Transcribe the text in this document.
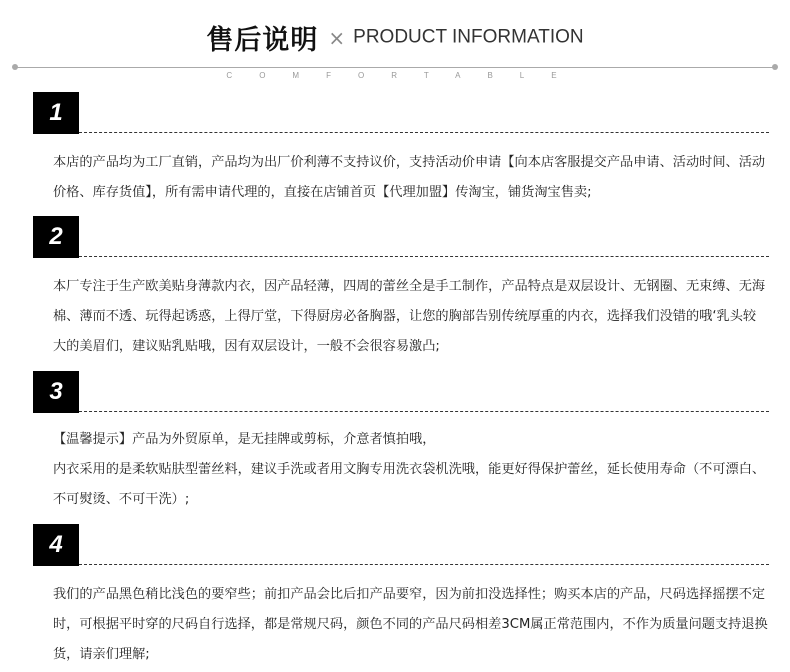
售后说明 × PRODUCT INFORMATION
COMFORTABLE
1

本店的产品均为工厂直销，产品均为出厂价利薄不支持议价，支持活动价申请【向本店客服提交产品申请、活动时间、活动价格、库存货值】，所有需申请代理的，直接在店铺首页【代理加盟】传淘宝，铺货淘宝售卖;

2

本厂专注于生产欧美贴身薄款内衣，因产品轻薄，四周的蕾丝全是手工制作，产品特点是双层设计、无钢圈、无束缚、无海棉、薄而不透、玩得起诱惑，上得厅堂，下得厨房必备胸器，让您的胸部告别传统厚重的内衣，选择我们没错的哦‘乳头较大的美眉们，建议贴乳贴哦，因有双层设计，一般不会很容易激凸;

3

【温馨提示】产品为外贸原单，是无挂牌或剪标，介意者慎拍哦，

内衣采用的是柔软贴肤型蕾丝料，建议手洗或者用文胸专用洗衣袋机洗哦，能更好得保护蕾丝，延长使用寿命（不可漂白、不可熨烫、不可干洗）;

4

我们的产品黑色稍比浅色的要窄些；前扣产品会比后扣产品要窄，因为前扣没选择性；购买本店的产品，尺码选择摇摆不定时，可根据平时穿的尺码自行选择，都是常规尺码，颜色不同的产品尺码相差3CM属正常范围内，不作为质量问题支持退换货，请亲们理解;
